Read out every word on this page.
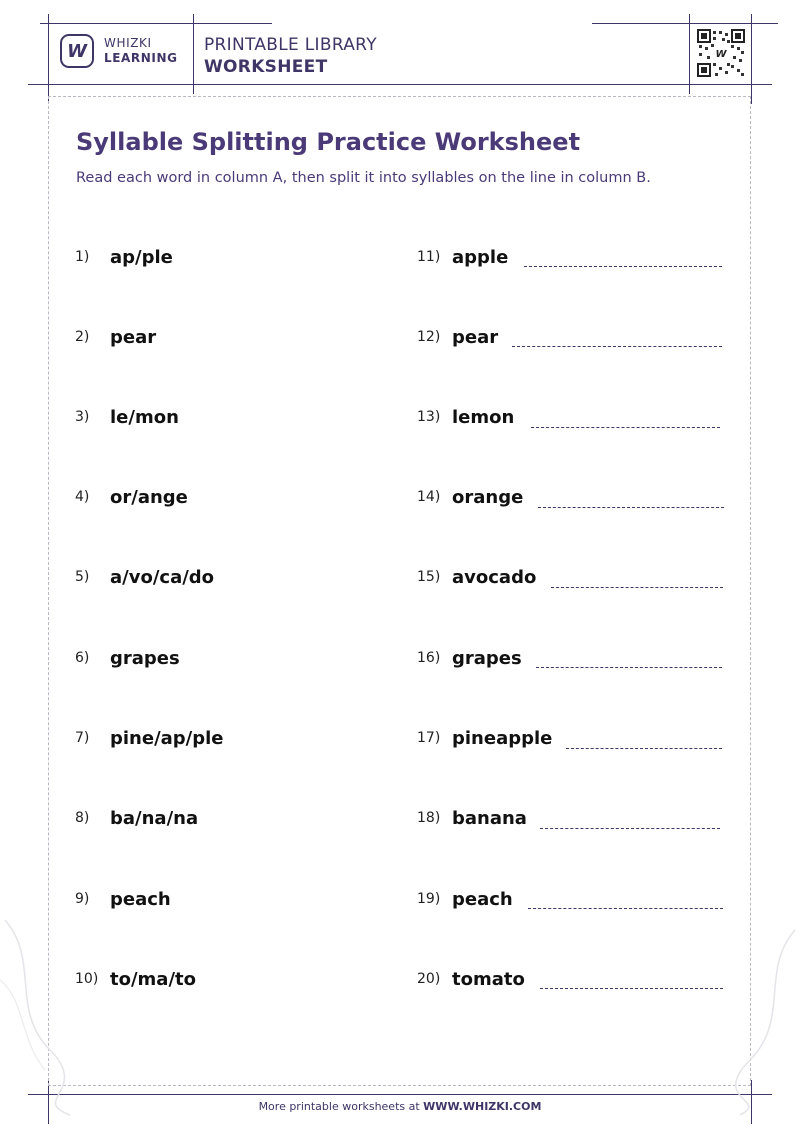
W WHIZKI
LEARNING
PRINTABLE LIBRARY
WORKSHEET
W
Syllable Splitting Practice Worksheet
Read each word in column A, then split it into syllables on the line in column B.
1) ap/ple
2) pear
3) le/mon
4) or/ange
5) a/vo/ca/do
6) grapes
7) pine/ap/ple
8) ba/na/na
9) peach
10) to/ma/to
11) apple
12) pear
13) lemon
14) orange
15) avocado
16) grapes
17) pineapple
18) banana
19) peach
20) tomato
More printable worksheets at WWW.WHIZKI.COM
